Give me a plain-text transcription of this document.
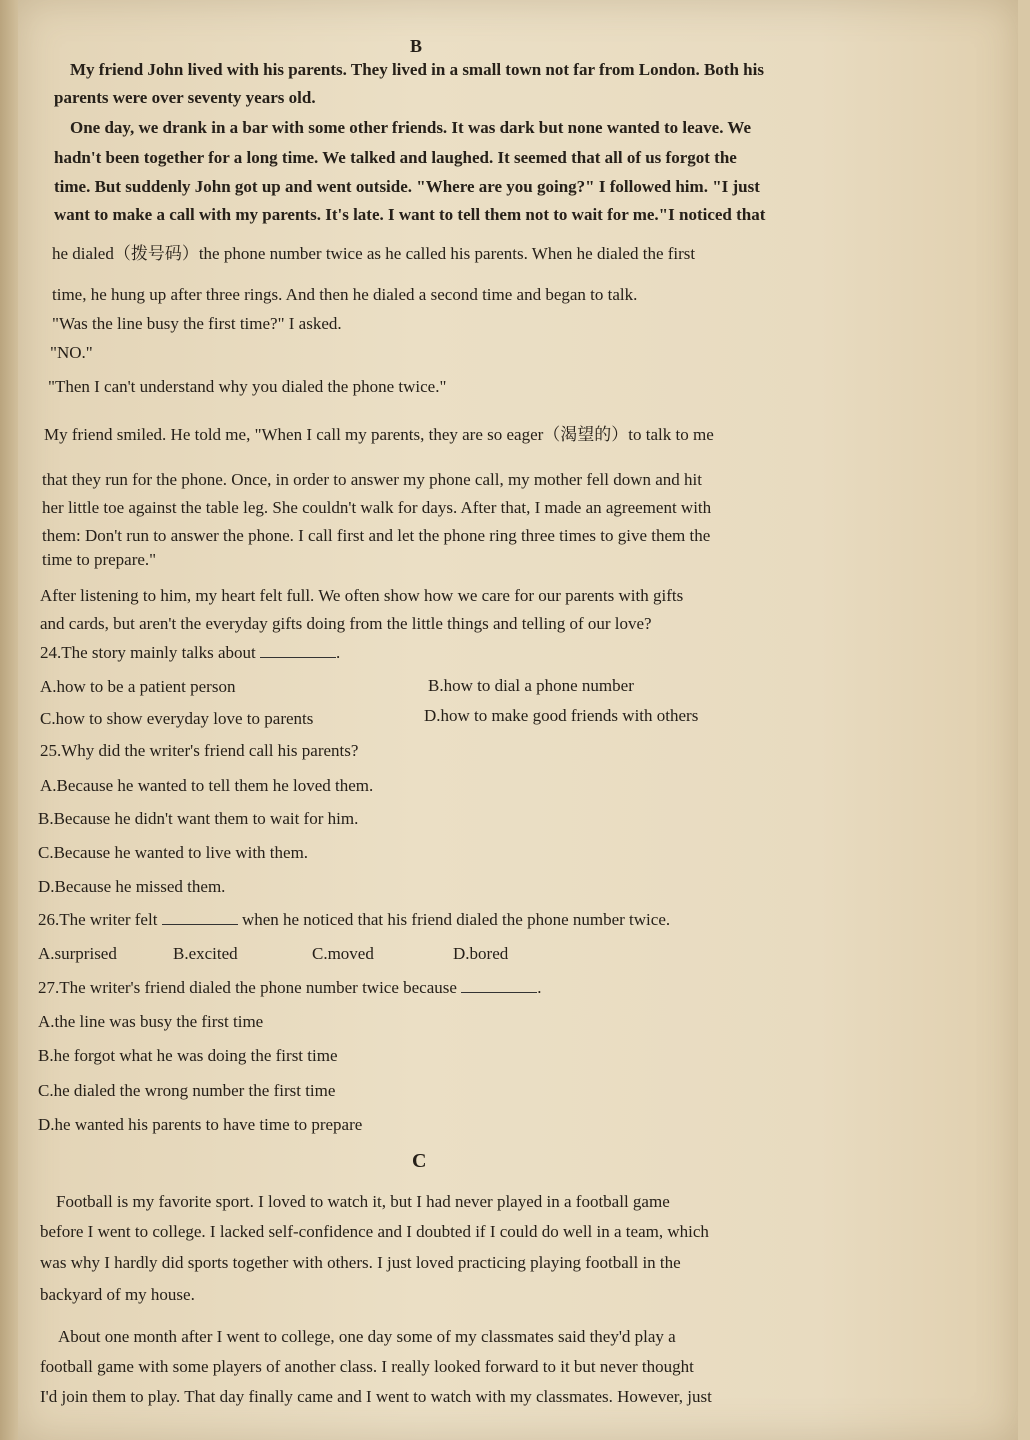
B
My friend John lived with his parents. They lived in a small town not far from London. Both his
parents were over seventy years old.
One day, we drank in a bar with some other friends. It was dark but none wanted to leave. We
hadn't been together for a long time. We talked and laughed. It seemed that all of us forgot the
time. But suddenly John got up and went outside. "Where are you going?" I followed him. "I just
want to make a call with my parents. It's late. I want to tell them not to wait for me."I noticed that
he dialed（拨号码）the phone number twice as he called his parents. When he dialed the first
time, he hung up after three rings. And then he dialed a second time and began to talk.
"Was the line busy the first time?" I asked.
"NO."
"Then I can't understand why you dialed the phone twice."
My friend smiled. He told me, "When I call my parents, they are so eager（渴望的）to talk to me
that they run for the phone. Once, in order to answer my phone call, my mother fell down and hit
her little toe against the table leg. She couldn't walk for days. After that, I made an agreement with
them: Don't run to answer the phone. I call first and let the phone ring three times to give them the
time to prepare."
After listening to him, my heart felt full. We often show how we care for our parents with gifts
and cards, but aren't the everyday gifts doing from the little things and telling of our love?
24.The story mainly talks about	.
A.how to be a patient person	B.how to dial a phone number
C.how to show everyday love to parents	D.how to make good friends with others
25.Why did the writer's friend call his parents?
A.Because he wanted to tell them he loved them.
B.Because he didn't want them to wait for him.
C.Because he wanted to live with them.
D.Because he missed them.
26.The writer felt	when he noticed that his friend dialed the phone number twice.
A.surprised	B.excited	C.moved	D.bored
27.The writer's friend dialed the phone number twice because	.
A.the line was busy the first time
B.he forgot what he was doing the first time
C.he dialed the wrong number the first time
D.he wanted his parents to have time to prepare
C
Football is my favorite sport. I loved to watch it, but I had never played in a football game
before I went to college. I lacked self-confidence and I doubted if I could do well in a team, which
was why I hardly did sports together with others. I just loved practicing playing football in the
backyard of my house.
About one month after I went to college, one day some of my classmates said they'd play a
football game with some players of another class. I really looked forward to it but never thought
I'd join them to play. That day finally came and I went to watch with my classmates. However, just
